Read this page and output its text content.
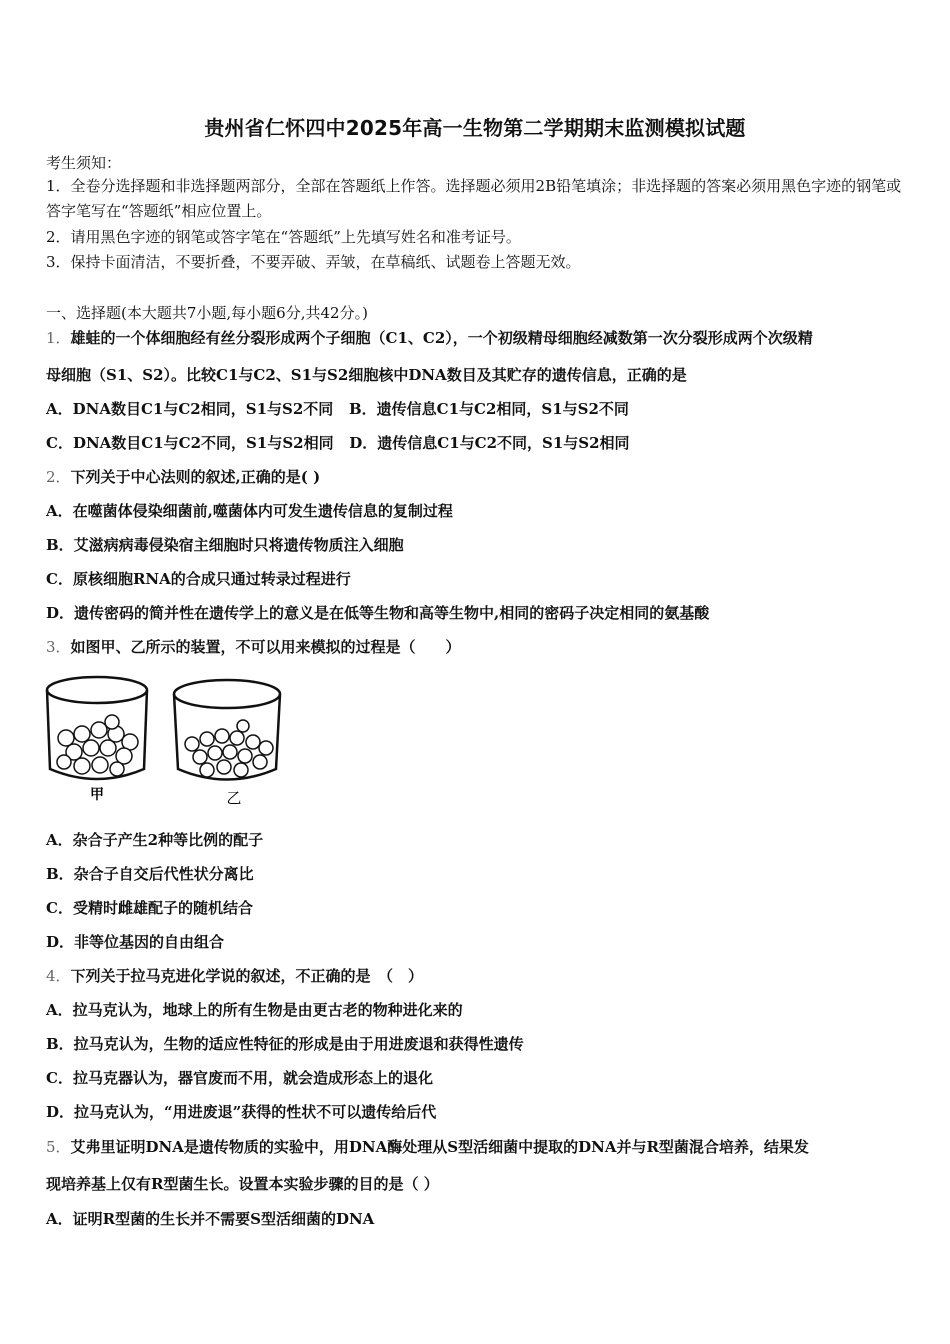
贵州省仁怀四中2025年高一生物第二学期期末监测模拟试题
考生须知：
1．全卷分选择题和非选择题两部分，全部在答题纸上作答。选择题必须用2B铅笔填涂；非选择题的答案必须用黑色字迹的钢笔或答字笔写在“答题纸”相应位置上。
2．请用黑色字迹的钢笔或答字笔在“答题纸”上先填写姓名和准考证号。
3．保持卡面清洁，不要折叠，不要弄破、弄皱，在草稿纸、试题卷上答题无效。
一、选择题(本大题共7小题,每小题6分,共42分。)
1．雄蛙的一个体细胞经有丝分裂形成两个子细胞（C1、C2），一个初级精母细胞经减数第一次分裂形成两个次级精
母细胞（S1、S2）。比较C1与C2、S1与S2细胞核中DNA数目及其贮存的遗传信息，正确的是
A．DNA数目C1与C2相同，S1与S2不同   B．遗传信息C1与C2相同，S1与S2不同
C．DNA数目C1与C2不同，S1与S2相同   D．遗传信息C1与C2不同，S1与S2相同
2．下列关于中心法则的叙述,正确的是( )
A．在噬菌体侵染细菌前,噬菌体内可发生遗传信息的复制过程
B．艾滋病病毒侵染宿主细胞时只将遗传物质注入细胞
C．原核细胞RNA的合成只通过转录过程进行
D．遗传密码的简并性在遗传学上的意义是在低等生物和高等生物中,相同的密码子决定相同的氨基酸
3．如图甲、乙所示的装置，不可以用来模拟的过程是（　　）
甲	乙
A．杂合子产生2种等比例的配子
B．杂合子自交后代性状分离比
C．受精时雌雄配子的随机结合
D．非等位基因的自由组合
4．下列关于拉马克进化学说的叙述，不正确的是　（　）
A．拉马克认为，地球上的所有生物是由更古老的物种进化来的
B．拉马克认为，生物的适应性特征的形成是由于用进废退和获得性遗传
C．拉马克器认为，器官废而不用，就会造成形态上的退化
D．拉马克认为，“用进废退”获得的性状不可以遗传给后代
5．艾弗里证明DNA是遗传物质的实验中，用DNA酶处理从S型活细菌中提取的DNA并与R型菌混合培养，结果发
现培养基上仅有R型菌生长。设置本实验步骤的目的是（ ）
A．证明R型菌的生长并不需要S型活细菌的DNA
